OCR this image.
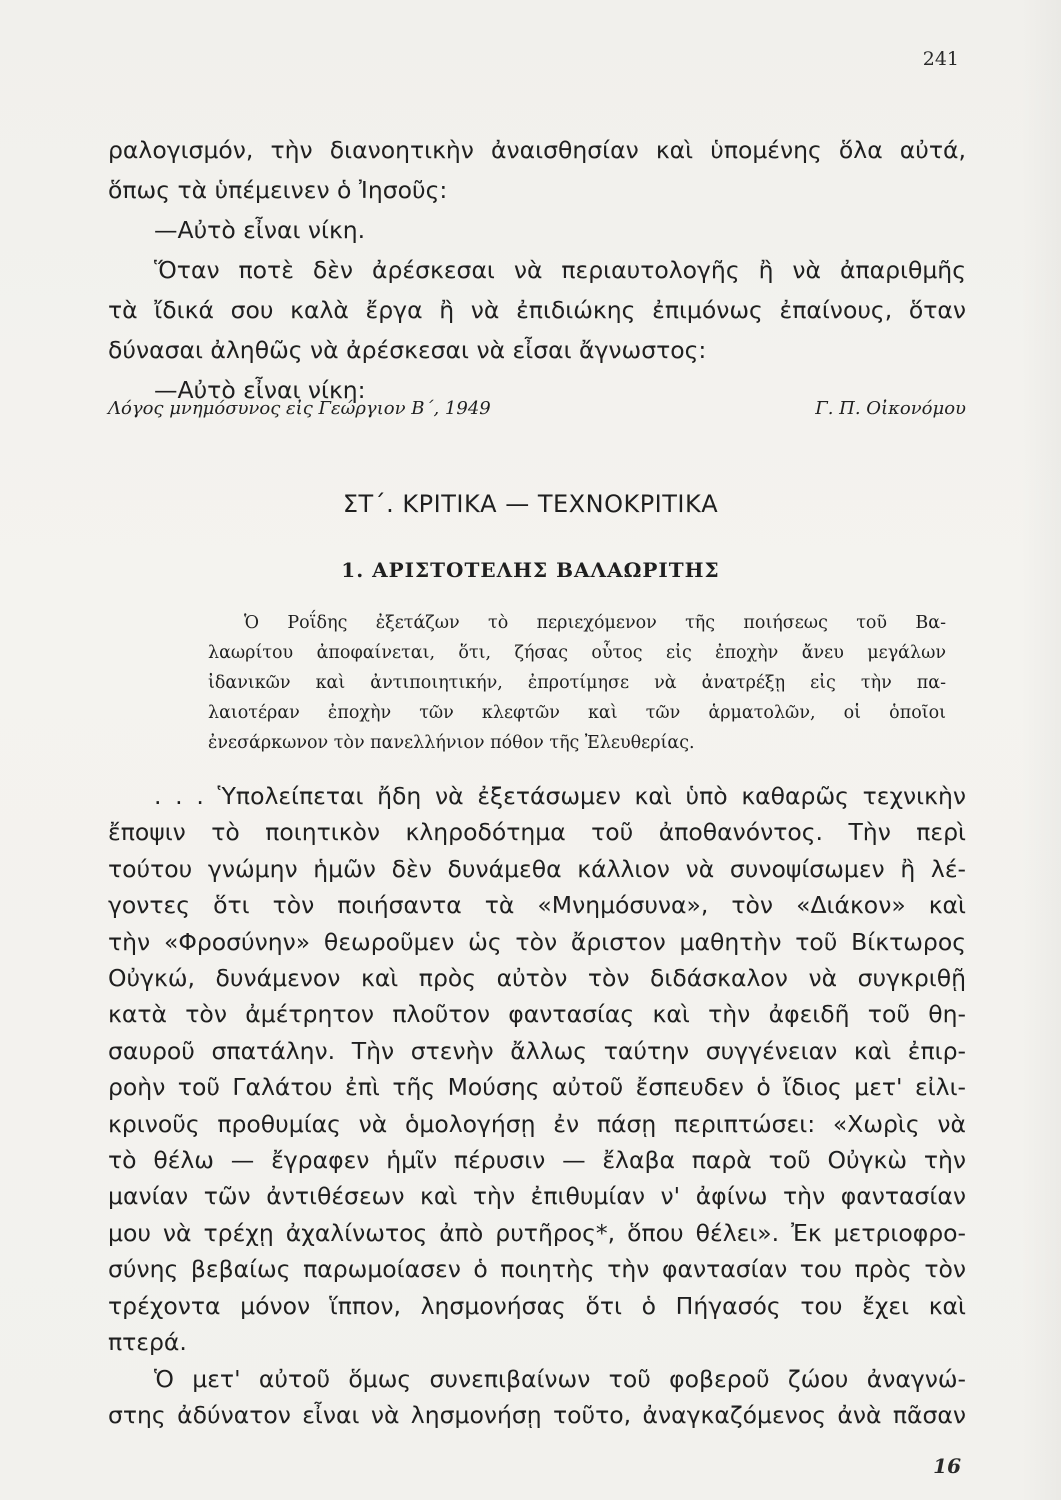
241
ραλογισμόν, τὴν διανοητικὴν ἀναισθησίαν καὶ ὑπομένης ὅλα αὐτά,
ὅπως τὰ ὑπέμεινεν ὁ Ἰησοῦς:
—Αὐτὸ εἶναι νίκη.
Ὅταν ποτὲ δὲν ἀρέσκεσαι νὰ περιαυτολογῆς ἢ νὰ ἀπαριθμῆς
τὰ ἴδικά σου καλὰ ἔργα ἢ νὰ ἐπιδιώκης ἐπιμόνως ἐπαίνους, ὅταν
δύνασαι ἀληθῶς νὰ ἀρέσκεσαι νὰ εἶσαι ἄγνωστος:
—Αὐτὸ εἶναι νίκη:
Λόγος μνημόσυνος εἰς Γεώργιον Β΄, 1949	Γ. Π. Οἰκονόμου
ΣΤ΄. ΚΡΙΤΙΚΑ — ΤΕΧΝΟΚΡΙΤΙΚΑ
1. ΑΡΙΣΤΟΤΕΛΗΣ ΒΑΛΑΩΡΙΤΗΣ
Ὁ Ροΐδης ἐξετάζων τὸ περιεχόμενον τῆς ποιήσεως τοῦ Βα-
λαωρίτου ἀποφαίνεται, ὅτι, ζήσας οὗτος εἰς ἐποχὴν ἄνευ μεγάλων
ἰδανικῶν καὶ ἀντιποιητικήν, ἐπροτίμησε νὰ ἀνατρέξῃ εἰς τὴν πα-
λαιοτέραν ἐποχὴν τῶν κλεφτῶν καὶ τῶν ἁρματολῶν, οἱ ὁποῖοι
ἐνεσάρκωνον τὸν πανελλήνιον πόθον τῆς Ἐλευθερίας.
. . . Ὑπολείπεται ἤδη νὰ ἐξετάσωμεν καὶ ὑπὸ καθαρῶς τεχνικὴν
ἔποψιν τὸ ποιητικὸν κληροδότημα τοῦ ἀποθανόντος. Τὴν περὶ
τούτου γνώμην ἡμῶν δὲν δυνάμεθα κάλλιον νὰ συνοψίσωμεν ἢ λέ-
γοντες ὅτι τὸν ποιήσαντα τὰ «Μνημόσυνα», τὸν «Διάκον» καὶ
τὴν «Φροσύνην» θεωροῦμεν ὡς τὸν ἄριστον μαθητὴν τοῦ Βίκτωρος
Οὐγκώ, δυνάμενον καὶ πρὸς αὐτὸν τὸν διδάσκαλον νὰ συγκριθῇ
κατὰ τὸν ἀμέτρητον πλοῦτον φαντασίας καὶ τὴν ἀφειδῆ τοῦ θη-
σαυροῦ σπατάλην. Τὴν στενὴν ἄλλως ταύτην συγγένειαν καὶ ἐπιρ-
ροὴν τοῦ Γαλάτου ἐπὶ τῆς Μούσης αὐτοῦ ἔσπευδεν ὁ ἴδιος μετ' εἰλι-
κρινοῦς προθυμίας νὰ ὁμολογήσῃ ἐν πάσῃ περιπτώσει: «Χωρὶς νὰ
τὸ θέλω — ἔγραφεν ἡμῖν πέρυσιν — ἔλαβα παρὰ τοῦ Οὐγκὼ τὴν
μανίαν τῶν ἀντιθέσεων καὶ τὴν ἐπιθυμίαν ν' ἀφίνω τὴν φαντασίαν
μου νὰ τρέχῃ ἀχαλίνωτος ἀπὸ ρυτῆρος*, ὅπου θέλει». Ἐκ μετριοφρο-
σύνης βεβαίως παρωμοίασεν ὁ ποιητὴς τὴν φαντασίαν του πρὸς τὸν
τρέχοντα μόνον ἵππον, λησμονήσας ὅτι ὁ Πήγασός του ἔχει καὶ
πτερά.
Ὁ μετ' αὐτοῦ ὅμως συνεπιβαίνων τοῦ φοβεροῦ ζώου ἀναγνώ-
στης ἀδύνατον εἶναι νὰ λησμονήσῃ τοῦτο, ἀναγκαζόμενος ἀνὰ πᾶσαν
16
